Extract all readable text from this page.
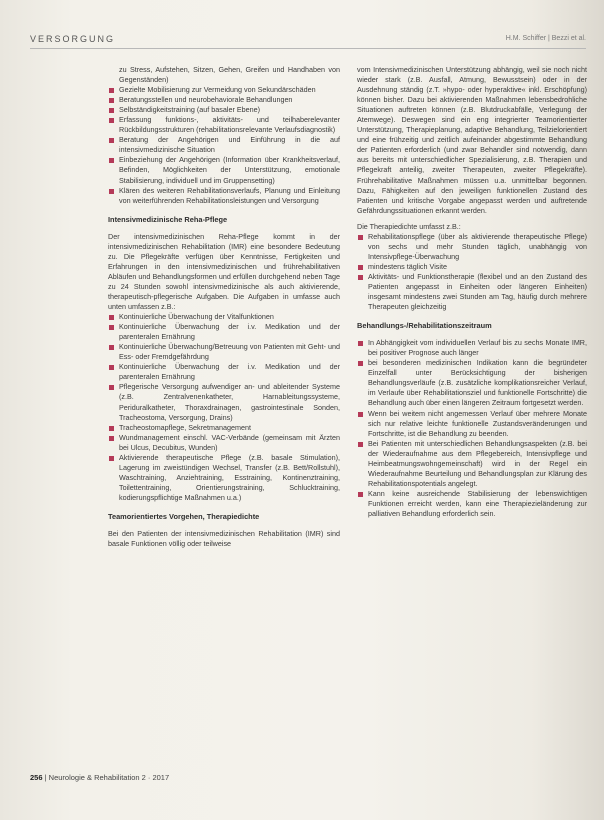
VERSORGUNG	H.M. Schiffer | Bezzi et al.
zu Stress, Aufstehen, Sitzen, Gehen, Greifen und Handhaben von Gegenständen)
Gezielte Mobilisierung zur Vermeidung von Sekundärschäden
Beratungsstellen und neurobehaviorale Behandlungen
Selbständigkeitstraining (auf basaler Ebene)
Erfassung funktions-, aktivitäts- und teilhaberelevanter Rückbildungsstrukturen (rehabilitationsrelevante Verlaufsdiagnostik)
Beratung der Angehörigen und Einführung in die auf intensivmedizinische Situation
Einbeziehung der Angehörigen (Information über Krankheitsverlauf, Befinden, Möglichkeiten der Unterstützung, emotionale Stabilisierung, individuell und im Gruppensetting)
Klären des weiteren Rehabilitationsverlaufs, Planung und Einleitung von weiterführenden Rehabilitationsleistungen und Versorgung
Intensivmedizinische Reha-Pflege

Der intensivmedizinischen Reha-Pflege kommt in der intensivmedizinischen Rehabilitation (IMR) eine besondere Bedeutung zu. Die Pflegekräfte verfügen über Kenntnisse, Fertigkeiten und Erfahrungen in den intensivmedizinischen und frührehabilitativen Abläufen und Behandlungsformen und erfüllen durchgehend neben Tage zu 24 Stunden sowohl intensivmedizinische als auch aktivierende, therapeutisch-pflegerische Aufgaben. Die Aufgaben in umfasse auch unten umfassen z.B.:

Kontinuierliche Überwachung der Vitalfunktionen
Kontinuierliche Überwachung der i.v. Medikation und der parenteralen Ernährung
Kontinuierliche Überwachung/Betreuung von Patienten mit Geht- und Ess- oder Fremdgefährdung
Kontinuierliche Überwachung der i.v. Medikation und der parenteralen Ernährung
Pflegerische Versorgung aufwendiger an- und ableitender Systeme (z.B. Zentralvenenkatheter, Harnableitungssysteme, Periduralkatheter, Thoraxdrainagen, gastrointestinale Sonden, Tracheostoma, Versorgung, Drains)
Tracheostomapflege, Sekretmanagement
Wundmanagement einschl. VAC-Verbände (gemeinsam mit Ärzten bei Ulcus, Decubitus, Wunden)
Aktivierende therapeutische Pflege (z.B. basale Stimulation), Lagerung im zweistündigen Wechsel, Transfer (z.B. Bett/Rollstuhl), Waschtraining, Anziehtraining, Esstraining, Kontinenztraining, Toilettentraining, Orientierungstraining, Schlucktraining, kodierungspflichtige Maßnahmen u.a.)
Teamorientiertes Vorgehen, Therapiedichte

Bei den Patienten der intensivmedizinischen Rehabilitation (IMR) sind basale Funktionen völlig oder teilweise

vom Intensivmedizinischen Unterstützung abhängig, weil sie noch nicht wieder stark (z.B. Ausfall, Atmung, Bewusstsein) oder in der Ausdehnung ständig (z.T. »hypo- oder hyperaktive« inkl. Erschöpfung) können bisher. Dazu bei aktivierenden Maßnahmen lebensbedrohliche Situationen auftreten können (z.B. Blutdruckabfälle, Verlegung der Atemwege). Deswegen sind ein eng integrierter Teamorientierter Unterstützung, Therapieplanung, adaptive Behandlung, Teilzielorientiert und eine frühzeitig und zeitlich aufeinander abgestimmte Behandlung der Patienten erforderlich (und zwar Behandler sind notwendig, dann aus bereits mit unterschiedlicher Spezialisierung, z.B. Therapien und Pflegekraft anteilig, zweiter Therapeuten, zweiter Pflegekräfte). Frührehabilitative Maßnahmen müssen u.a. unmittelbar begonnen. Dazu, Fähigkeiten auf den jeweiligen funktionellen Zustand des Patienten und kritische Vorgabe angepasst werden und auftretende Gefährdungssituationen erkannt werden.

Die Therapiedichte umfasst z.B.:

Rehabilitationspflege (über als aktivierende therapeutische Pflege) von sechs und mehr Stunden täglich, unabhängig von Intensivpflege-Überwachung
mindestens täglich Visite
Aktivitäts- und Funktionstherapie (flexibel und an den Zustand des Patienten angepasst in Einheiten oder längeren Einheiten) insgesamt mindestens zwei Stunden am Tag, häufig durch mehrere Therapeuten gleichzeitig
Behandlungs-/Rehabilitationszeitraum
In Abhängigkeit vom individuellen Verlauf bis zu sechs Monate IMR, bei positiver Prognose auch länger
bei besonderen medizinischen Indikation kann die begründeter Einzelfall unter Berücksichtigung der bisherigen Behandlungsverläufe (z.B. zusätzliche komplikationsreicher Verlauf, im Verlaufe über Rehabilitationsziel und funktionelle Fortschritte) die Behandlung auch über einen längeren Zeitraum fortgesetzt werden.
Wenn bei weitem nicht angemessen Verlauf über mehrere Monate sich nur relative leichte funktionelle Zustandsveränderungen und Fortschritte, ist die Behandlung zu beenden.
Bei Patienten mit unterschiedlichen Behandlungsaspekten (z.B. bei der Wiederaufnahme aus dem Pflegebereich, Intensivpflege und Heimbeatmungswohngemeinschaft) wird in der Regel ein Wiederaufnahme Beurteilung und Behandlungsplan zur Klärung des Rehabilitationspotentials angelegt.
Kann keine ausreichende Stabilisierung der lebenswichtigen Funktionen erreicht werden, kann eine Therapiezieländerung zur palliativen Behandlung erforderlich sein.
256 | Neurologie & Rehabilitation 2 · 2017
